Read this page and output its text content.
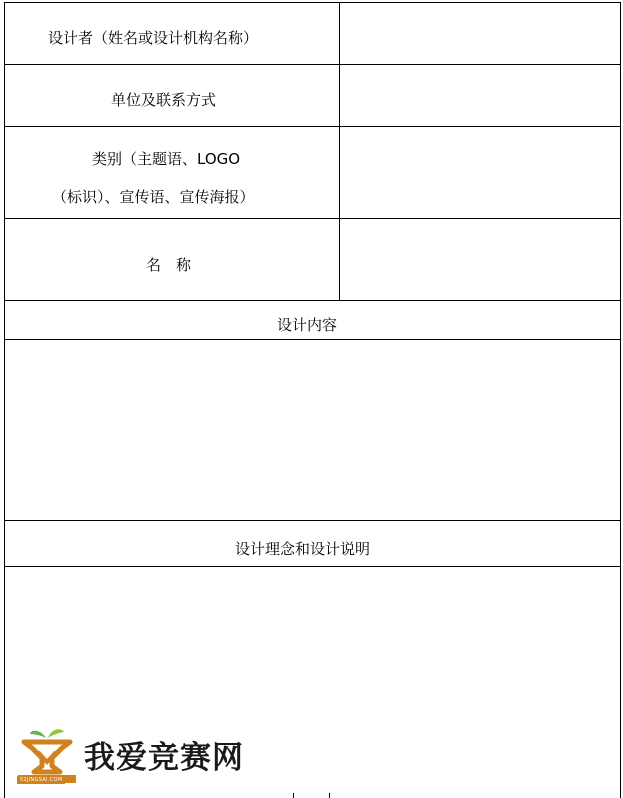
设计者（姓名或设计机构名称）
单位及联系方式
类别（主题语、LOGO
（标识）、宣传语、宣传海报）
名　称
设计内容
设计理念和设计说明
52JINGSAI.COM
我爱竞赛网
